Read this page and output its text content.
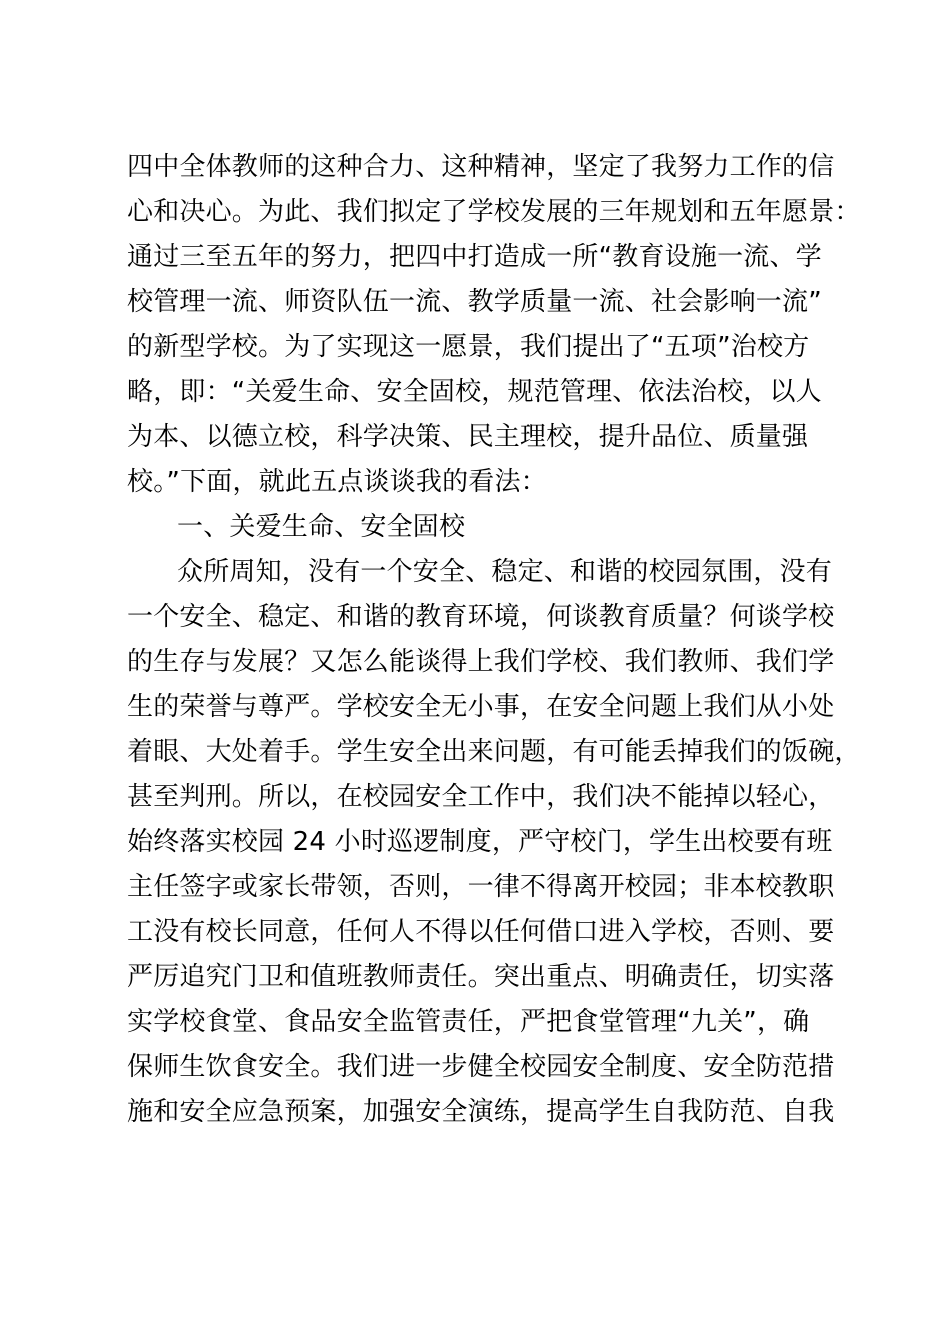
四中全体教师的这种合力、这种精神，坚定了我努力工作的信
心和决心。为此、我们拟定了学校发展的三年规划和五年愿景：
通过三至五年的努力，把四中打造成一所“教育设施一流、学
校管理一流、师资队伍一流、教学质量一流、社会影响一流”
的新型学校。为了实现这一愿景，我们提出了“五项”治校方
略，即：“关爱生命、安全固校，规范管理、依法治校，以人
为本、以德立校，科学决策、民主理校，提升品位、质量强
校。”下面，就此五点谈谈我的看法：
一、关爱生命、安全固校
众所周知，没有一个安全、稳定、和谐的校园氛围，没有
一个安全、稳定、和谐的教育环境，何谈教育质量？何谈学校
的生存与发展？又怎么能谈得上我们学校、我们教师、我们学
生的荣誉与尊严。学校安全无小事，在安全问题上我们从小处
着眼、大处着手。学生安全出来问题，有可能丢掉我们的饭碗，
甚至判刑。所以，在校园安全工作中，我们决不能掉以轻心，
始终落实校园 24 小时巡逻制度，严守校门，学生出校要有班
主任签字或家长带领，否则，一律不得离开校园；非本校教职
工没有校长同意，任何人不得以任何借口进入学校，否则、要
严厉追究门卫和值班教师责任。突出重点、明确责任，切实落
实学校食堂、食品安全监管责任，严把食堂管理“九关”，确
保师生饮食安全。我们进一步健全校园安全制度、安全防范措
施和安全应急预案，加强安全演练，提高学生自我防范、自我
